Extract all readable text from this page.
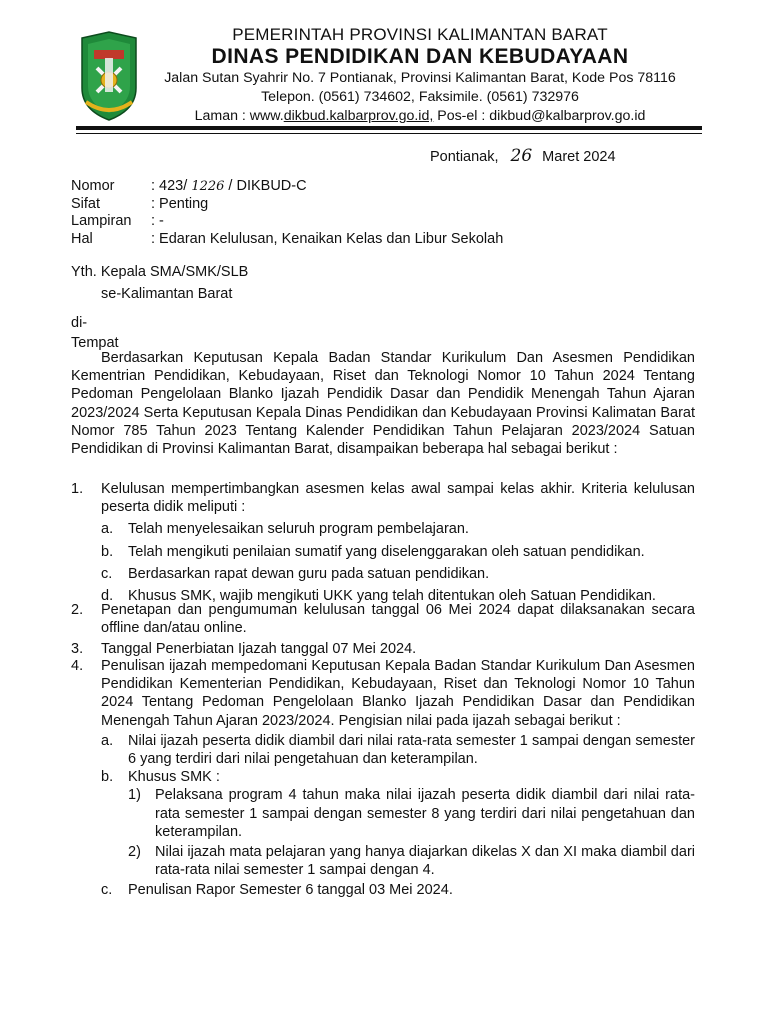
PEMERINTAH PROVINSI KALIMANTAN BARAT
DINAS PENDIDIKAN DAN KEBUDAYAAN
Jalan Sutan Syahrir No. 7 Pontianak, Provinsi Kalimantan Barat, Kode Pos 78116
Telepon. (0561) 734602, Faksimile. (0561) 732976
Laman : www.dikbud.kalbarprov.go.id, Pos-el : dikbud@kalbarprov.go.id
Pontianak, 26 Maret 2024
Nomor	: 423/ 1226 / DIKBUD-C
Sifat	: Penting
Lampiran	: -
Hal	: Edaran Kelulusan, Kenaikan Kelas dan Libur Sekolah
Yth. Kepala SMA/SMK/SLB
se-Kalimantan Barat
di-
Tempat

Berdasarkan Keputusan Kepala Badan Standar Kurikulum Dan Asesmen Pendidikan Kementrian Pendidikan, Kebudayaan, Riset dan Teknologi Nomor 10 Tahun 2024 Tentang Pedoman Pengelolaan Blanko Ijazah Pendidik Dasar dan Pendidik Menengah Tahun Ajaran 2023/2024 Serta Keputusan Kepala Dinas Pendidikan dan Kebudayaan Provinsi Kalimatan Barat Nomor 785 Tahun 2023 Tentang Kalender Pendidikan Tahun Pelajaran 2023/2024 Satuan Pendidikan di Provinsi Kalimantan Barat, disampaikan beberapa hal sebagai berikut :

1.	Kelulusan mempertimbangkan asesmen kelas awal sampai kelas akhir. Kriteria kelulusan peserta didik meliputi :
a.	Telah menyelesaikan seluruh program pembelajaran.
b.	Telah mengikuti penilaian sumatif yang diselenggarakan oleh satuan pendidikan.
c.	Berdasarkan rapat dewan guru pada satuan pendidikan.
d.	Khusus SMK, wajib mengikuti UKK yang telah ditentukan oleh Satuan Pendidikan.
2.	Penetapan dan pengumuman kelulusan tanggal 06 Mei 2024 dapat dilaksanakan secara offline dan/atau online.
3.	Tanggal Penerbiatan Ijazah tanggal 07 Mei 2024.
4.	Penulisan ijazah mempedomani Keputusan Kepala Badan Standar Kurikulum Dan Asesmen Pendidikan Kementerian Pendidikan, Kebudayaan, Riset dan Teknologi Nomor 10 Tahun 2024 Tentang Pedoman Pengelolaan Blanko Ijazah Pendidikan Dasar dan Pendidikan Menengah Tahun Ajaran 2023/2024. Pengisian nilai pada ijazah sebagai berikut :
a.	Nilai ijazah peserta didik diambil dari nilai rata-rata semester 1 sampai dengan semester 6 yang terdiri dari nilai pengetahuan dan keterampilan.
b.	Khusus SMK :
1) Pelaksana program 4 tahun maka nilai ijazah peserta didik diambil dari nilai rata-rata semester 1 sampai dengan semester 8 yang terdiri dari nilai pengetahuan dan keterampilan.
2) Nilai ijazah mata pelajaran yang hanya diajarkan dikelas X dan XI maka diambil dari rata-rata nilai semester 1 sampai dengan 4.
c.	Penulisan Rapor Semester 6 tanggal 03 Mei 2024.
